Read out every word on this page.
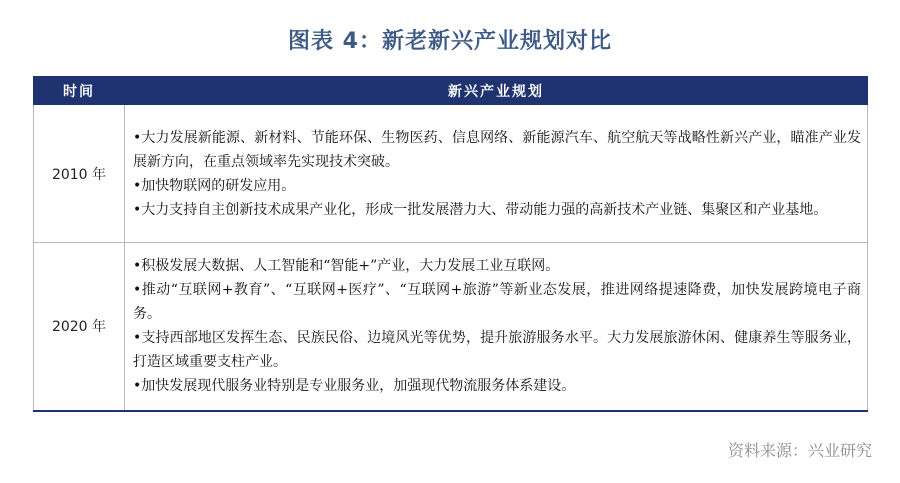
图表 4：新老新兴产业规划对比
时间	新兴产业规划
2010 年	•大力发展新能源、新材料、节能环保、生物医药、信息网络、新能源汽车、航空航天等战略性新兴产业，瞄准产业发展新方向，在重点领域率先实现技术突破。

•加快物联网的研发应用。

•大力支持自主创新技术成果产业化，形成一批发展潜力大、带动能力强的高新技术产业链、集聚区和产业基地。

2020 年	•积极发展大数据、人工智能和“智能+”产业，大力发展工业互联网。

•推动“互联网+教育”、“互联网+医疗”、“互联网+旅游”等新业态发展，推进网络提速降费，加快发展跨境电子商务。

•支持西部地区发挥生态、民族民俗、边境风光等优势，提升旅游服务水平。大力发展旅游休闲、健康养生等服务业，打造区域重要支柱产业。

•加快发展现代服务业特别是专业服务业，加强现代物流服务体系建设。

资料来源：兴业研究
